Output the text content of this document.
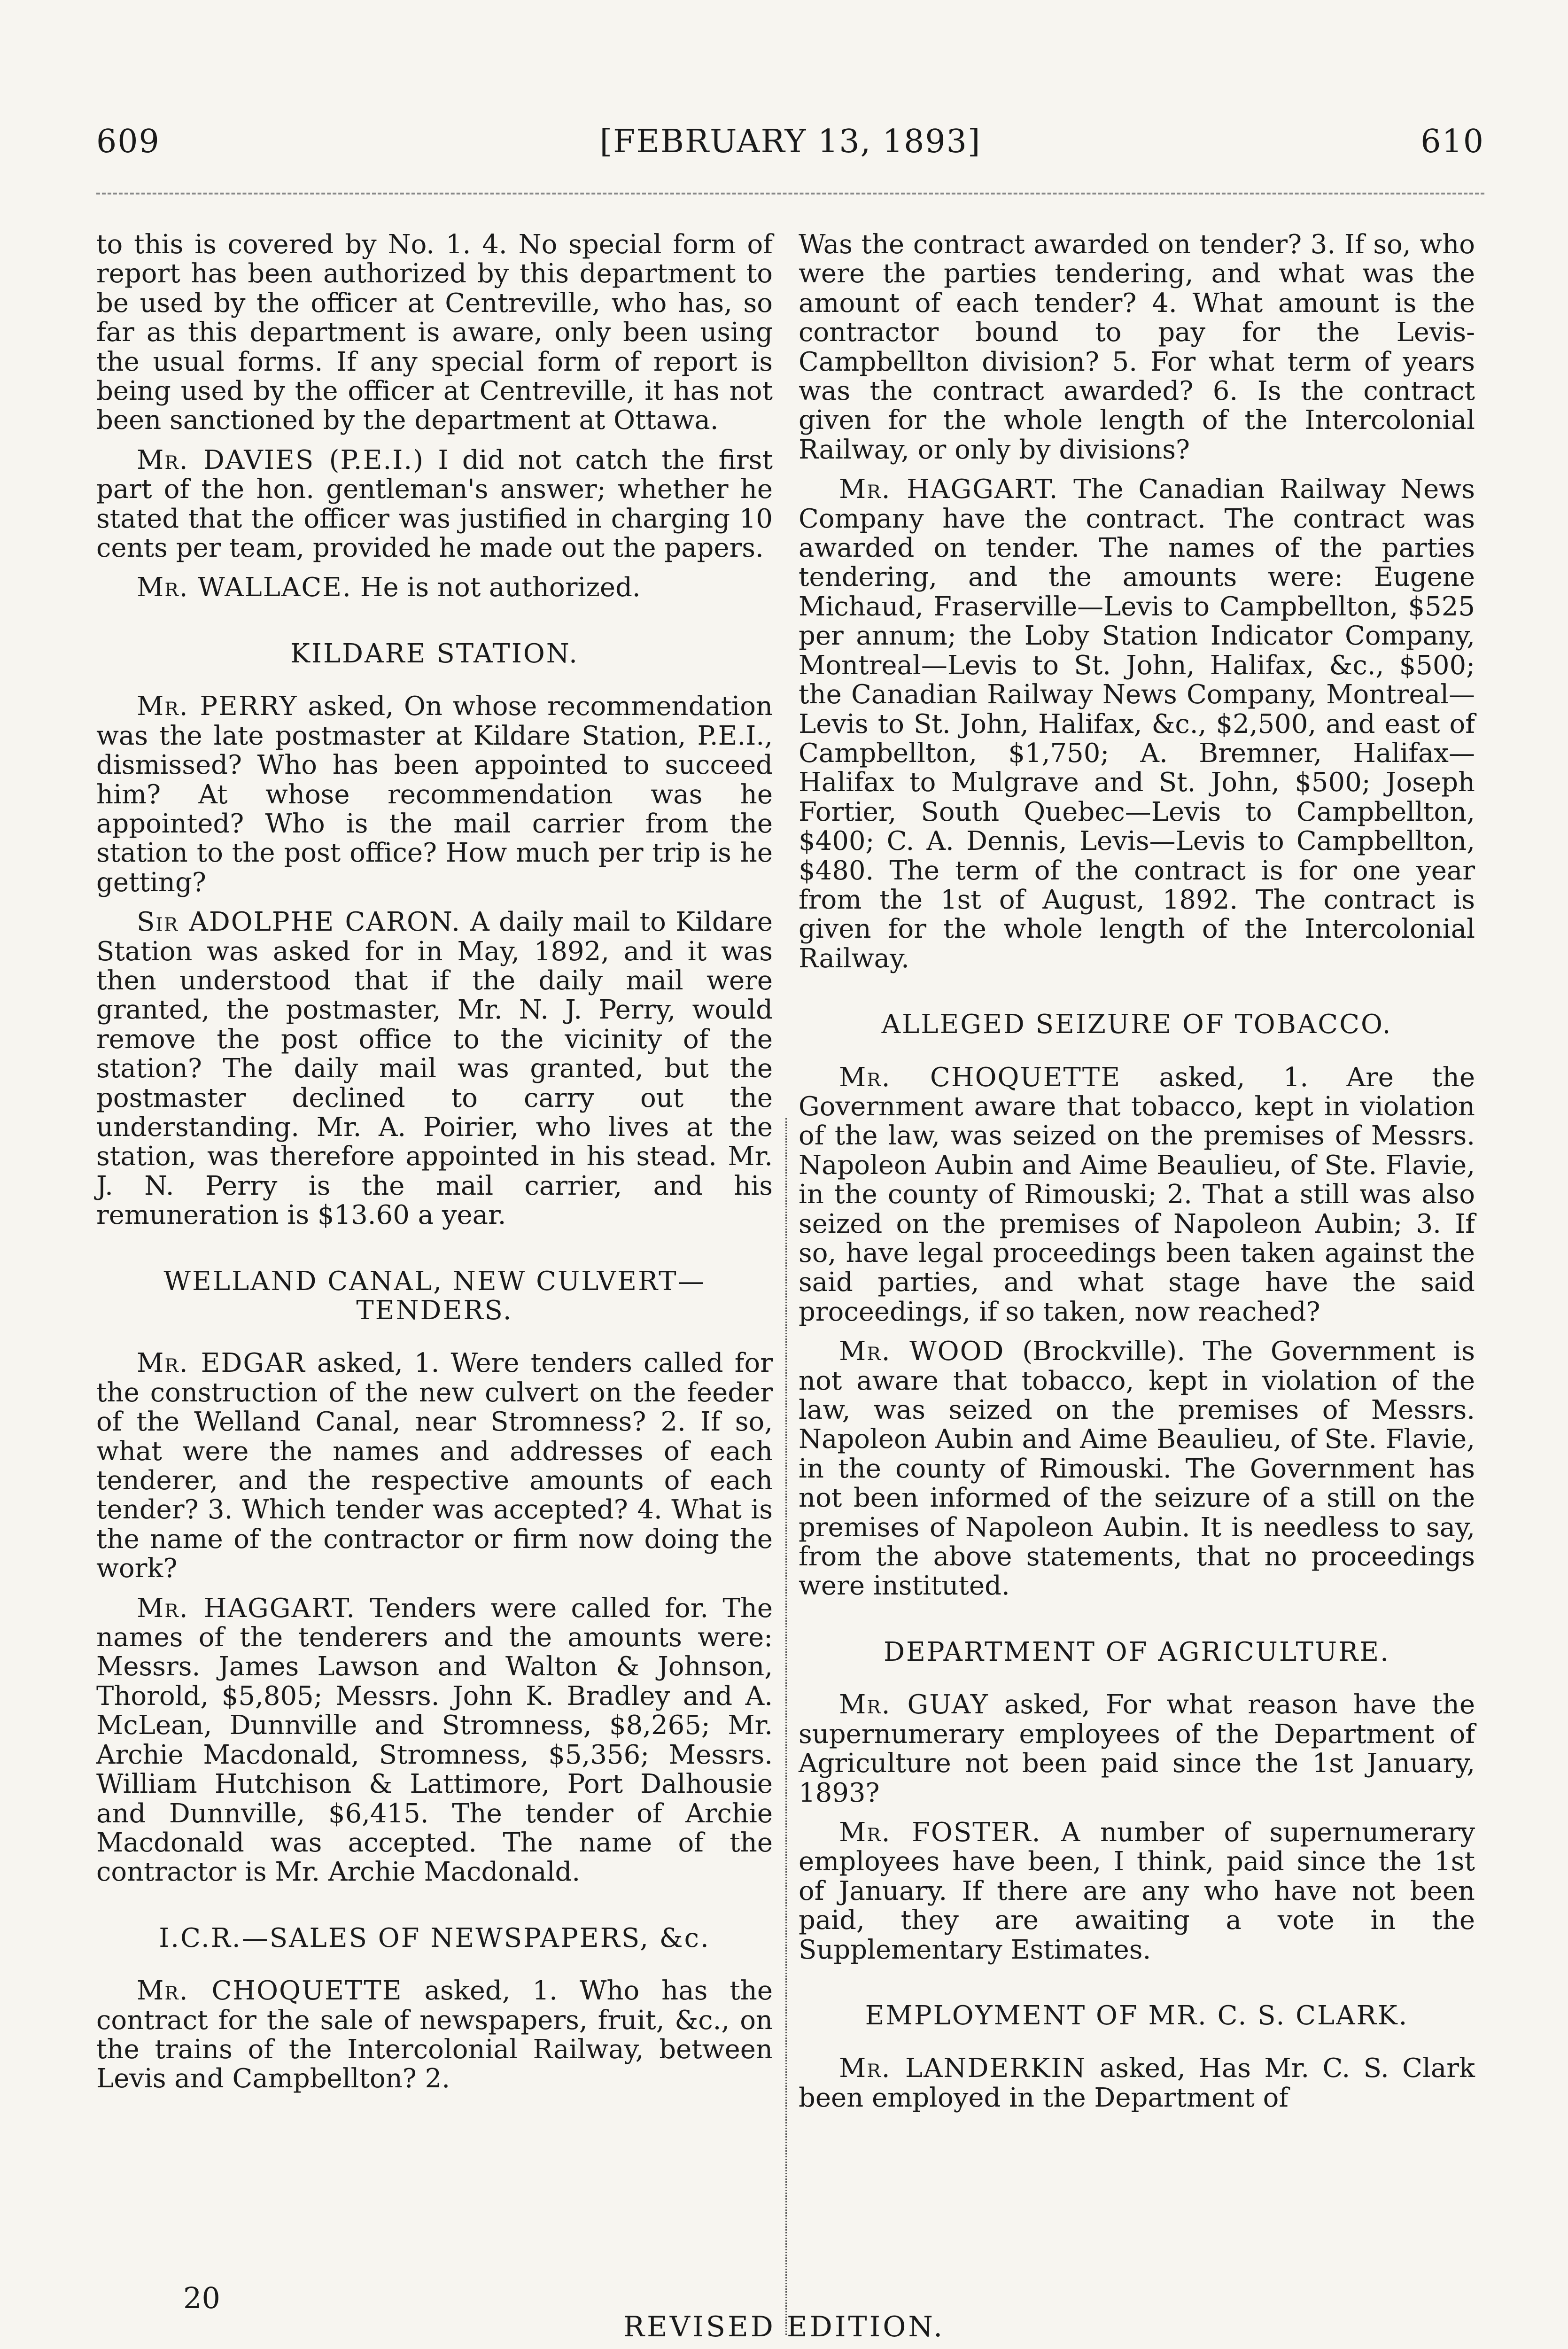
609	[FEBRUARY 13, 1893]	610

to this is covered by No. 1. 4. No special form of report has been authorized by this department to be used by the officer at Centreville, who has, so far as this department is aware, only been using the usual forms. If any special form of report is being used by the officer at Centreville, it has not been sanctioned by the department at Ottawa.

Mr. DAVIES (P.E.I.) I did not catch the first part of the hon. gentleman's answer; whether he stated that the officer was justified in charging 10 cents per team, provided he made out the papers.

Mr. WALLACE. He is not authorized.

KILDARE STATION.

Mr. PERRY asked, On whose recommendation was the late postmaster at Kildare Station, P.E.I., dismissed? Who has been appointed to succeed him? At whose recommendation was he appointed? Who is the mail carrier from the station to the post office? How much per trip is he getting?

Sir ADOLPHE CARON. A daily mail to Kildare Station was asked for in May, 1892, and it was then understood that if the daily mail were granted, the postmaster, Mr. N. J. Perry, would remove the post office to the vicinity of the station? The daily mail was granted, but the postmaster declined to carry out the understanding. Mr. A. Poirier, who lives at the station, was therefore appointed in his stead. Mr. J. N. Perry is the mail carrier, and his remuneration is $13.60 a year.

WELLAND CANAL, NEW CULVERT—TENDERS.

Mr. EDGAR asked, 1. Were tenders called for the construction of the new culvert on the feeder of the Welland Canal, near Stromness? 2. If so, what were the names and addresses of each tenderer, and the respective amounts of each tender? 3. Which tender was accepted? 4. What is the name of the contractor or firm now doing the work?

Mr. HAGGART. Tenders were called for. The names of the tenderers and the amounts were: Messrs. James Lawson and Walton & Johnson, Thorold, $5,805; Messrs. John K. Bradley and A. McLean, Dunnville and Stromness, $8,265; Mr. Archie Macdonald, Stromness, $5,356; Messrs. William Hutchison & Lattimore, Port Dalhousie and Dunnville, $6,415. The tender of Archie Macdonald was accepted. The name of the contractor is Mr. Archie Macdonald.

I.C.R.—SALES OF NEWSPAPERS, &c.

Mr. CHOQUETTE asked, 1. Who has the contract for the sale of newspapers, fruit, &c., on the trains of the Intercolonial Railway, between Levis and Campbellton? 2.

Was the contract awarded on tender? 3. If so, who were the parties tendering, and what was the amount of each tender? 4. What amount is the contractor bound to pay for the Levis-Campbellton division? 5. For what term of years was the contract awarded? 6. Is the contract given for the whole length of the Intercolonial Railway, or only by divisions?

Mr. HAGGART. The Canadian Railway News Company have the contract. The contract was awarded on tender. The names of the parties tendering, and the amounts were: Eugene Michaud, Fraserville—Levis to Campbellton, $525 per annum; the Loby Station Indicator Company, Montreal—Levis to St. John, Halifax, &c., $500; the Canadian Railway News Company, Montreal—Levis to St. John, Halifax, &c., $2,500, and east of Campbellton, $1,750; A. Bremner, Halifax—Halifax to Mulgrave and St. John, $500; Joseph Fortier, South Quebec—Levis to Campbellton, $400; C. A. Dennis, Levis—Levis to Campbellton, $480. The term of the contract is for one year from the 1st of August, 1892. The contract is given for the whole length of the Intercolonial Railway.

ALLEGED SEIZURE OF TOBACCO.

Mr. CHOQUETTE asked, 1. Are the Government aware that tobacco, kept in violation of the law, was seized on the premises of Messrs. Napoleon Aubin and Aime Beaulieu, of Ste. Flavie, in the county of Rimouski; 2. That a still was also seized on the premises of Napoleon Aubin; 3. If so, have legal proceedings been taken against the said parties, and what stage have the said proceedings, if so taken, now reached?

Mr. WOOD (Brockville). The Government is not aware that tobacco, kept in violation of the law, was seized on the premises of Messrs. Napoleon Aubin and Aime Beaulieu, of Ste. Flavie, in the county of Rimouski. The Government has not been informed of the seizure of a still on the premises of Napoleon Aubin. It is needless to say, from the above statements, that no proceedings were instituted.

DEPARTMENT OF AGRICULTURE.

Mr. GUAY asked, For what reason have the supernumerary employees of the Department of Agriculture not been paid since the 1st January, 1893?

Mr. FOSTER. A number of supernumerary employees have been, I think, paid since the 1st of January. If there are any who have not been paid, they are awaiting a vote in the Supplementary Estimates.

EMPLOYMENT OF MR. C. S. CLARK.

Mr. LANDERKIN asked, Has Mr. C. S. Clark been employed in the Department of

20
REVISED EDITION.
